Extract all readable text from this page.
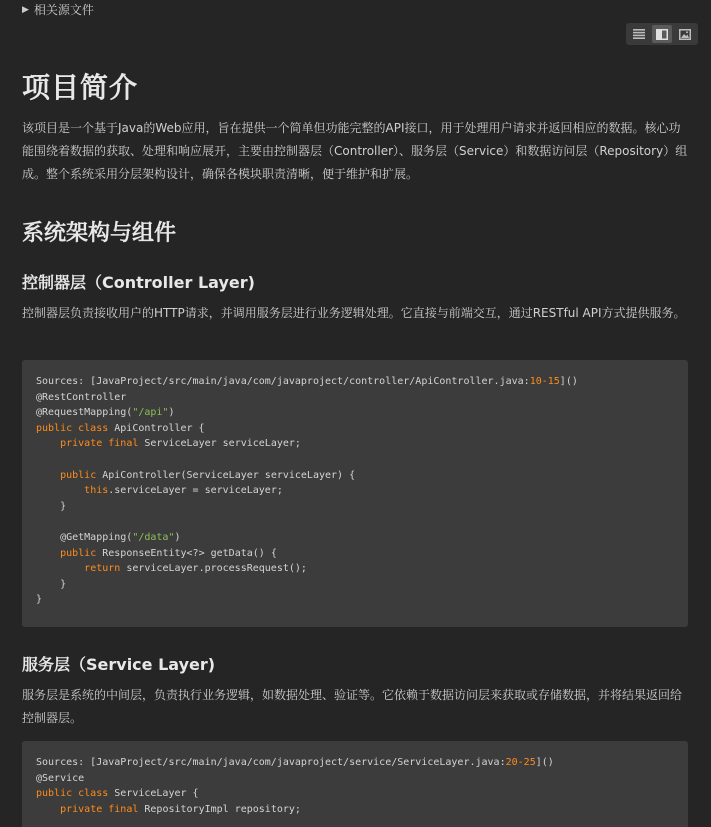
▶ 相关源文件
项目简介

该项目是一个基于Java的Web应用，旨在提供一个简单但功能完整的API接口，用于处理用户请求并返回相应的数据。核心功能围绕着数据的获取、处理和响应展开，主要由控制器层（Controller）、服务层（Service）和数据访问层（Repository）组成。整个系统采用分层架构设计，确保各模块职责清晰，便于维护和扩展。

系统架构与组件
控制器层（Controller Layer)

控制器层负责接收用户的HTTP请求，并调用服务层进行业务逻辑处理。它直接与前端交互，通过RESTful API方式提供服务。

Sources: [JavaProject/src/main/java/com/javaproject/controller/ApiController.java:10-15]()
@RestController
@RequestMapping("/api")
public class ApiController {
private final ServiceLayer serviceLayer;

public ApiController(ServiceLayer serviceLayer) {
this.serviceLayer = serviceLayer;
}

@GetMapping("/data")
public ResponseEntity<?> getData() {
return serviceLayer.processRequest();
}
}
服务层（Service Layer)

服务层是系统的中间层，负责执行业务逻辑，如数据处理、验证等。它依赖于数据访问层来获取或存储数据，并将结果返回给控制器层。

Sources: [JavaProject/src/main/java/com/javaproject/service/ServiceLayer.java:20-25]()
@Service
public class ServiceLayer {
private final RepositoryImpl repository;
